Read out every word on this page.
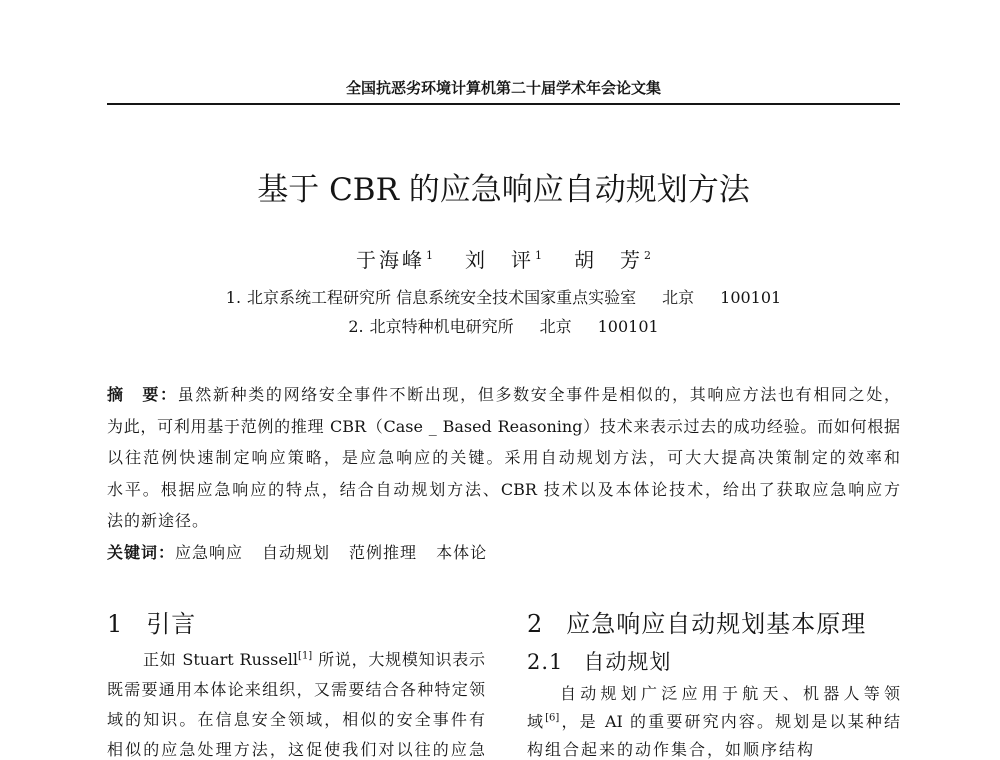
全国抗恶劣环境计算机第二十届学术年会论文集
基于 CBR 的应急响应自动规划方法
于海峰$^1$ 刘　评$^1$ 胡　芳$^2$
1. 北京系统工程研究所 信息系统安全技术国家重点实验室 北京 100101
2. 北京特种机电研究所 北京 100101
摘　要：虽然新种类的网络安全事件不断出现，但多数安全事件是相似的，其响应方法也有相同之处，
为此，可利用基于范例的推理 CBR（Case _ Based Reasoning）技术来表示过去的成功经验。而如何根据
以往范例快速制定响应策略，是应急响应的关键。采用自动规划方法，可大大提高决策制定的效率和
水平。根据应急响应的特点，结合自动规划方法、CBR 技术以及本体论技术，给出了获取应急响应方
法的新途径。
关键词：应急响应 自动规划 范例推理 本体论
1 引言
正如 Stuart Russell[1] 所说，大规模知识表示
既需要通用本体论来组织，又需要结合各种特定领
域的知识。在信息安全领域，相似的安全事件有
相似的应急处理方法，这促使我们对以往的应急
2 应急响应自动规划基本原理
2.1 自动规划
自动规划广泛应用于航天、机器人等领
域[6]，是 AI 的重要研究内容。规划是以某种结
构组合起来的动作集合，如顺序结构
